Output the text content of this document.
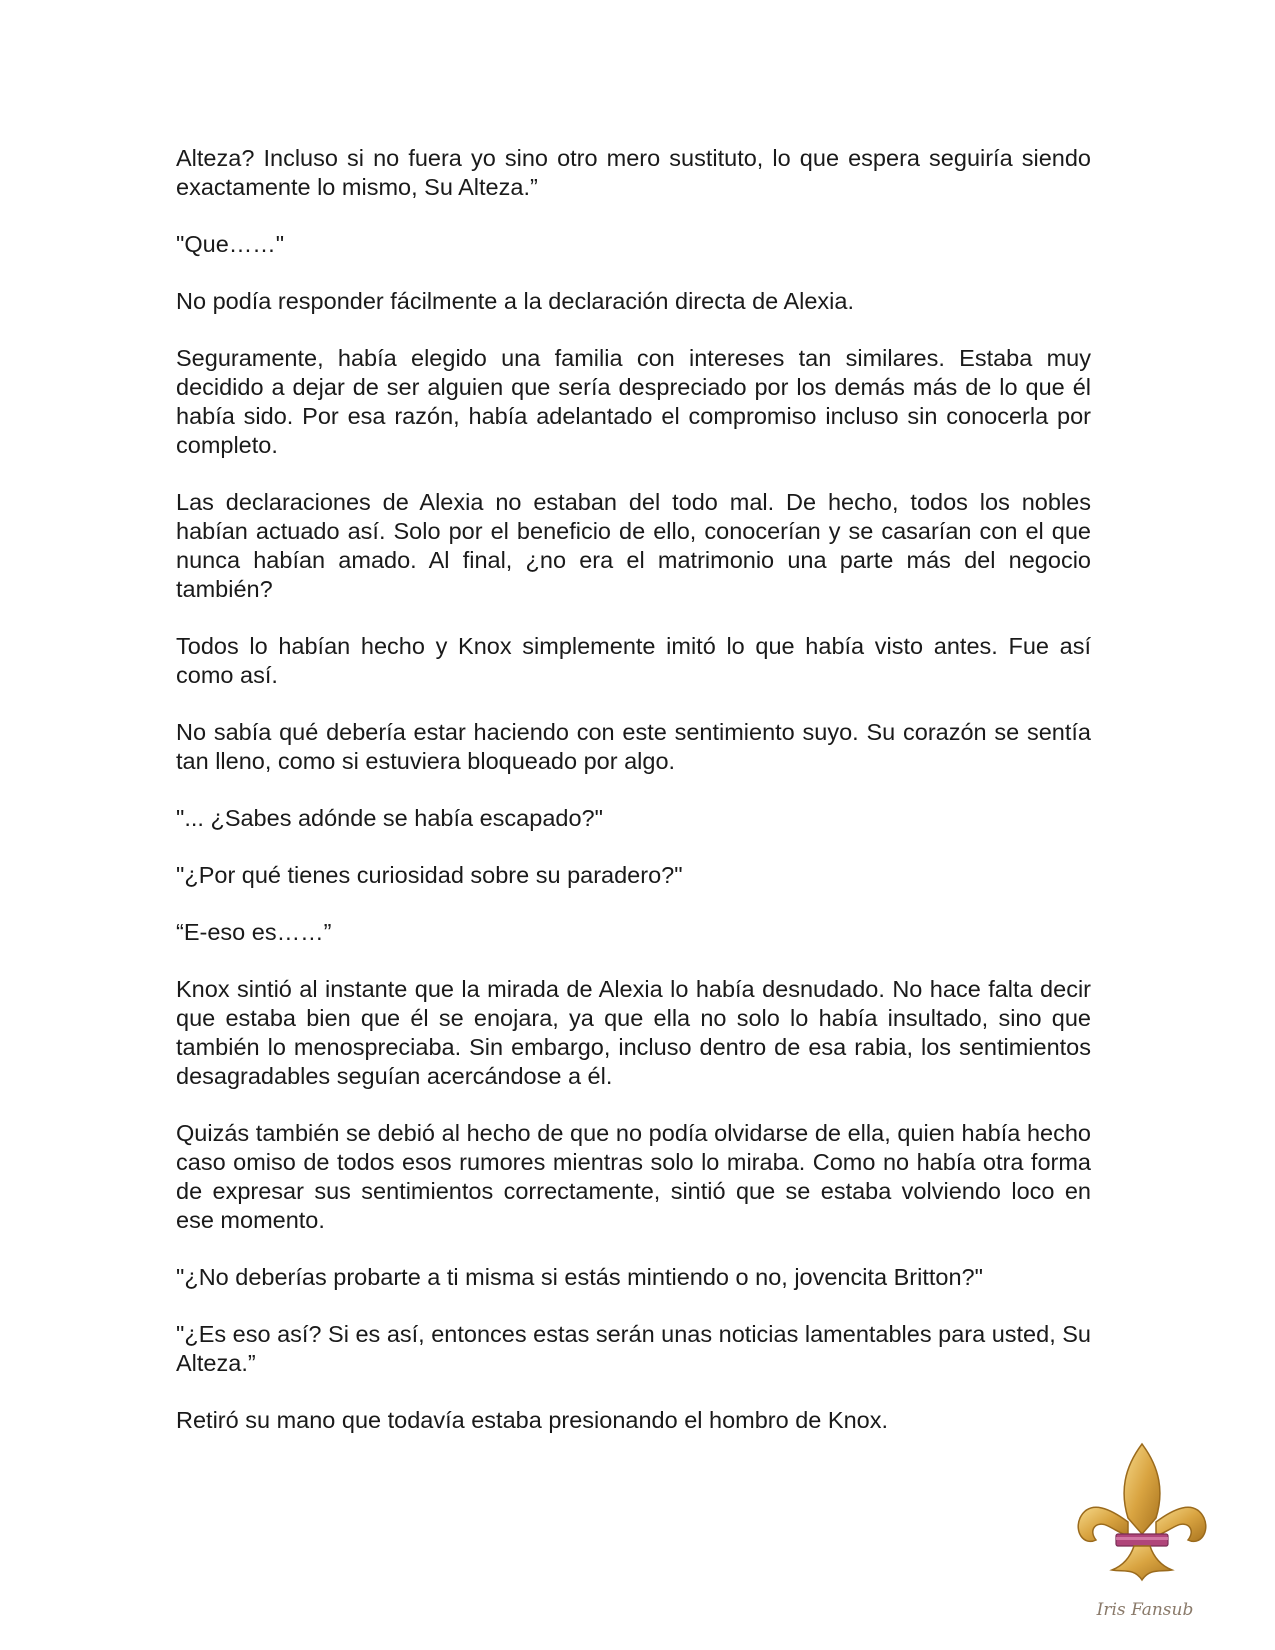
Alteza? Incluso si no fuera yo sino otro mero sustituto, lo que espera seguiría siendo exactamente lo mismo, Su Alteza.”

"Que……"

No podía responder fácilmente a la declaración directa de Alexia.

Seguramente, había elegido una familia con intereses tan similares. Estaba muy decidido a dejar de ser alguien que sería despreciado por los demás más de lo que él había sido. Por esa razón, había adelantado el compromiso incluso sin conocerla por completo.

Las declaraciones de Alexia no estaban del todo mal. De hecho, todos los nobles habían actuado así. Solo por el beneficio de ello, conocerían y se casarían con el que nunca habían amado. Al final, ¿no era el matrimonio una parte más del negocio también?

Todos lo habían hecho y Knox simplemente imitó lo que había visto antes. Fue así como así.

No sabía qué debería estar haciendo con este sentimiento suyo. Su corazón se sentía tan lleno, como si estuviera bloqueado por algo.

"... ¿Sabes adónde se había escapado?"

"¿Por qué tienes curiosidad sobre su paradero?"

“E-eso es……”

Knox sintió al instante que la mirada de Alexia lo había desnudado. No hace falta decir que estaba bien que él se enojara, ya que ella no solo lo había insultado, sino que también lo menospreciaba. Sin embargo, incluso dentro de esa rabia, los sentimientos desagradables seguían acercándose a él.

Quizás también se debió al hecho de que no podía olvidarse de ella, quien había hecho caso omiso de todos esos rumores mientras solo lo miraba. Como no había otra forma de expresar sus sentimientos correctamente, sintió que se estaba volviendo loco en ese momento.

"¿No deberías probarte a ti misma si estás mintiendo o no, jovencita Britton?"

"¿Es eso así? Si es así, entonces estas serán unas noticias lamentables para usted, Su Alteza.”

Retiró su mano que todavía estaba presionando el hombro de Knox.

Iris Fansub
